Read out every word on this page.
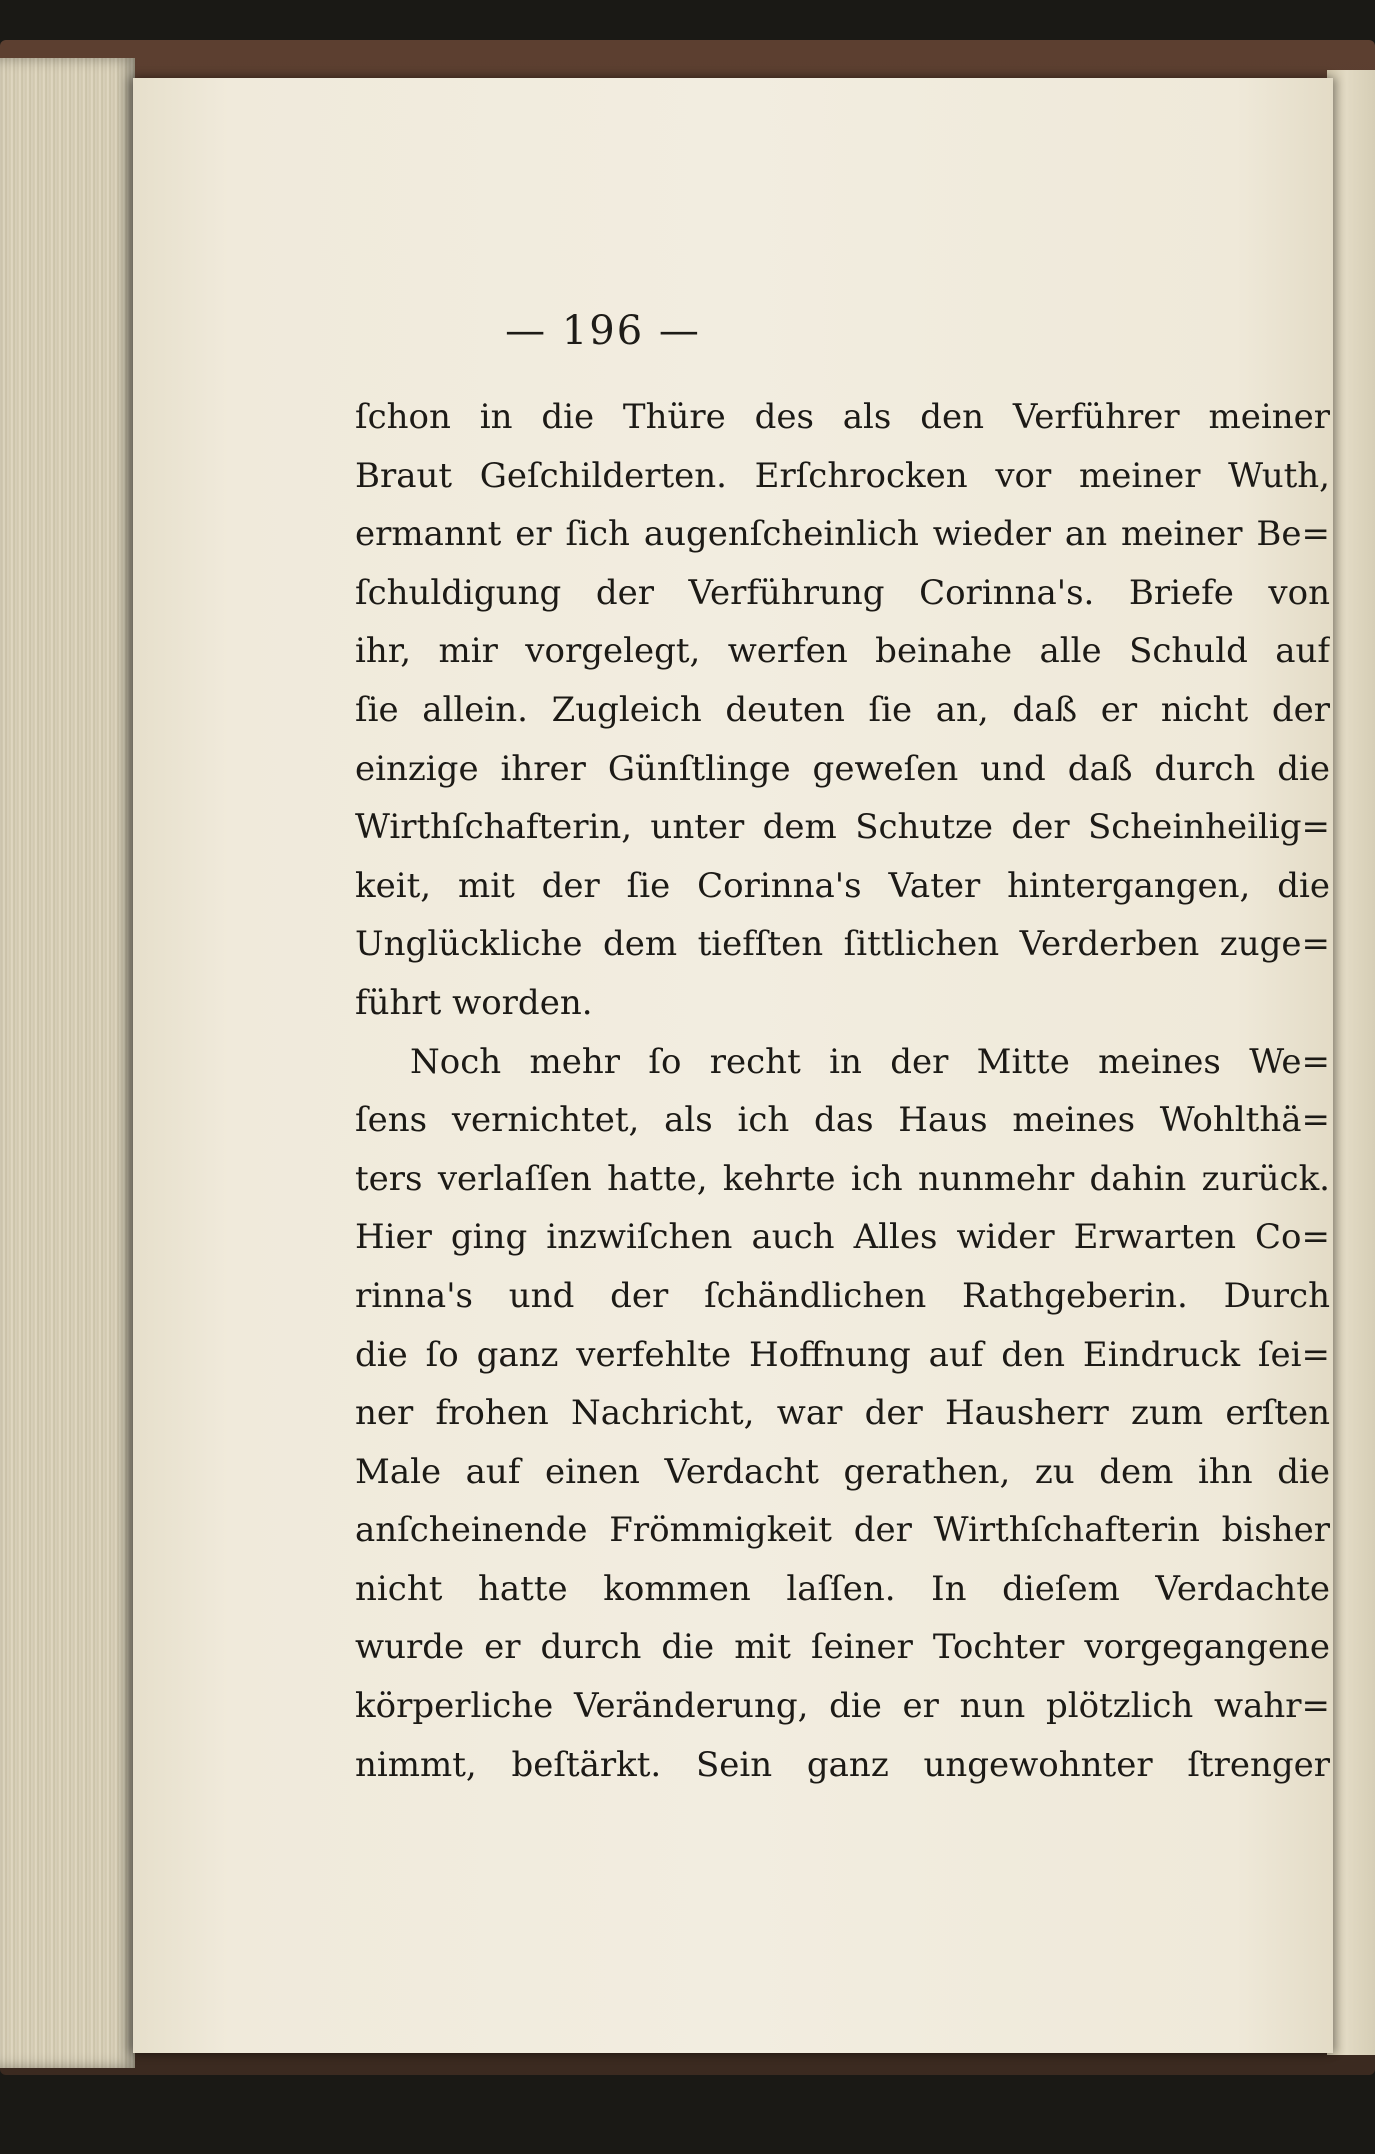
— 196 —
ſchon in die Thüre des als den Verführer meiner
Braut Geſchilderten. Erſchrocken vor meiner Wuth,
ermannt er ſich augenſcheinlich wieder an meiner Be=
ſchuldigung der Verführung Corinna's. Briefe von
ihr, mir vorgelegt, werfen beinahe alle Schuld auf
ſie allein. Zugleich deuten ſie an, daß er nicht der
einzige ihrer Günſtlinge geweſen und daß durch die
Wirthſchafterin, unter dem Schutze der Scheinheilig=
keit, mit der ſie Corinna's Vater hintergangen, die
Unglückliche dem tiefſten ſittlichen Verderben zuge=
führt worden.
Noch mehr ſo recht in der Mitte meines We=
ſens vernichtet, als ich das Haus meines Wohlthä=
ters verlaſſen hatte, kehrte ich nunmehr dahin zurück.
Hier ging inzwiſchen auch Alles wider Erwarten Co=
rinna's und der ſchändlichen Rathgeberin. Durch
die ſo ganz verfehlte Hoffnung auf den Eindruck ſei=
ner frohen Nachricht, war der Hausherr zum erſten
Male auf einen Verdacht gerathen, zu dem ihn die
anſcheinende Frömmigkeit der Wirthſchafterin bisher
nicht hatte kommen laſſen. In dieſem Verdachte
wurde er durch die mit ſeiner Tochter vorgegangene
körperliche Veränderung, die er nun plötzlich wahr=
nimmt, beſtärkt. Sein ganz ungewohnter ſtrenger
